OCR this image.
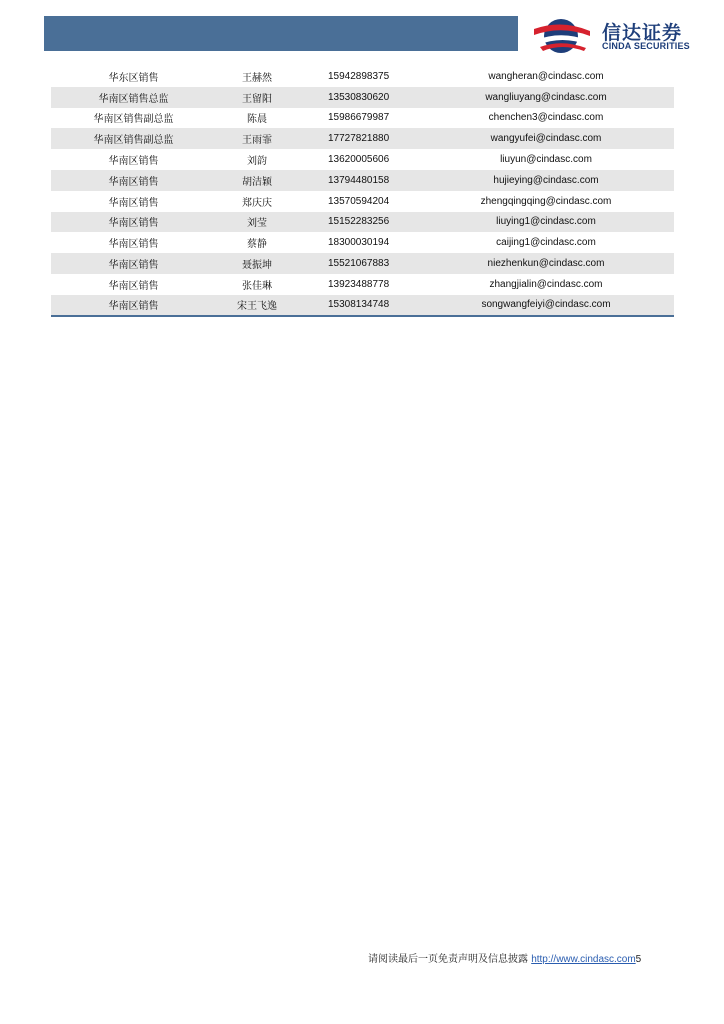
信达证券
CINDA SECURITIES
华东区销售	王赫然	15942898375	wangheran@cindasc.com
华南区销售总监	王留阳	13530830620	wangliuyang@cindasc.com
华南区销售副总监	陈晨	15986679987	chenchen3@cindasc.com
华南区销售副总监	王雨霏	17727821880	wangyufei@cindasc.com
华南区销售	刘韵	13620005606	liuyun@cindasc.com
华南区销售	胡洁颖	13794480158	hujieying@cindasc.com
华南区销售	郑庆庆	13570594204	zhengqingqing@cindasc.com
华南区销售	刘莹	15152283256	liuying1@cindasc.com
华南区销售	蔡静	18300030194	caijing1@cindasc.com
华南区销售	聂振坤	15521067883	niezhenkun@cindasc.com
华南区销售	张佳琳	13923488778	zhangjialin@cindasc.com
华南区销售	宋王飞逸	15308134748	songwangfeiyi@cindasc.com
请阅读最后一页免责声明及信息披露 http://www.cindasc.com5
